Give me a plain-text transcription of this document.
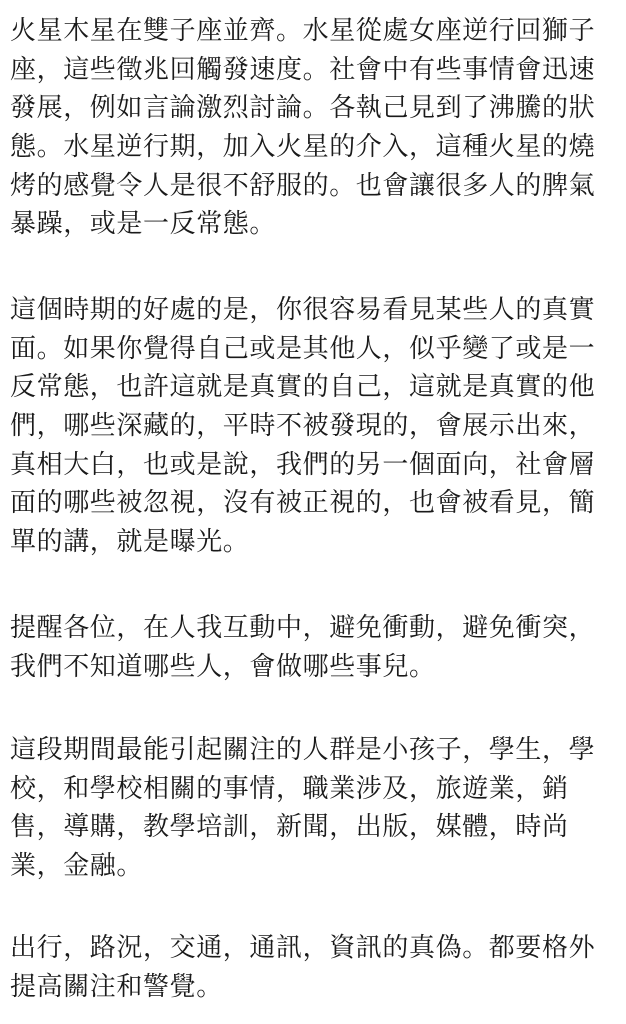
火星木星在雙子座並齊。水星從處女座逆行回獅子
座，這些徵兆回觸發速度。社會中有些事情會迅速
發展，例如言論激烈討論。各執己見到了沸騰的狀
態。水星逆行期，加入火星的介入，這種火星的燒
烤的感覺令人是很不舒服的。也會讓很多人的脾氣
暴躁，或是一反常態。
這個時期的好處的是，你很容易看見某些人的真實
面。如果你覺得自己或是其他人，似乎變了或是一
反常態，也許這就是真實的自己，這就是真實的他
們，哪些深藏的，平時不被發現的，會展示出來，
真相大白，也或是說，我們的另一個面向，社會層
面的哪些被忽視，沒有被正視的，也會被看見，簡
單的講，就是曝光。
提醒各位，在人我互動中，避免衝動，避免衝突，
我們不知道哪些人，會做哪些事兒。
這段期間最能引起關注的人群是小孩子，學生，學
校，和學校相關的事情，職業涉及，旅遊業，銷
售，導購，教學培訓，新聞，出版，媒體，時尚
業，金融。
出行，路況，交通，通訊，資訊的真偽。都要格外
提高關注和警覺。
